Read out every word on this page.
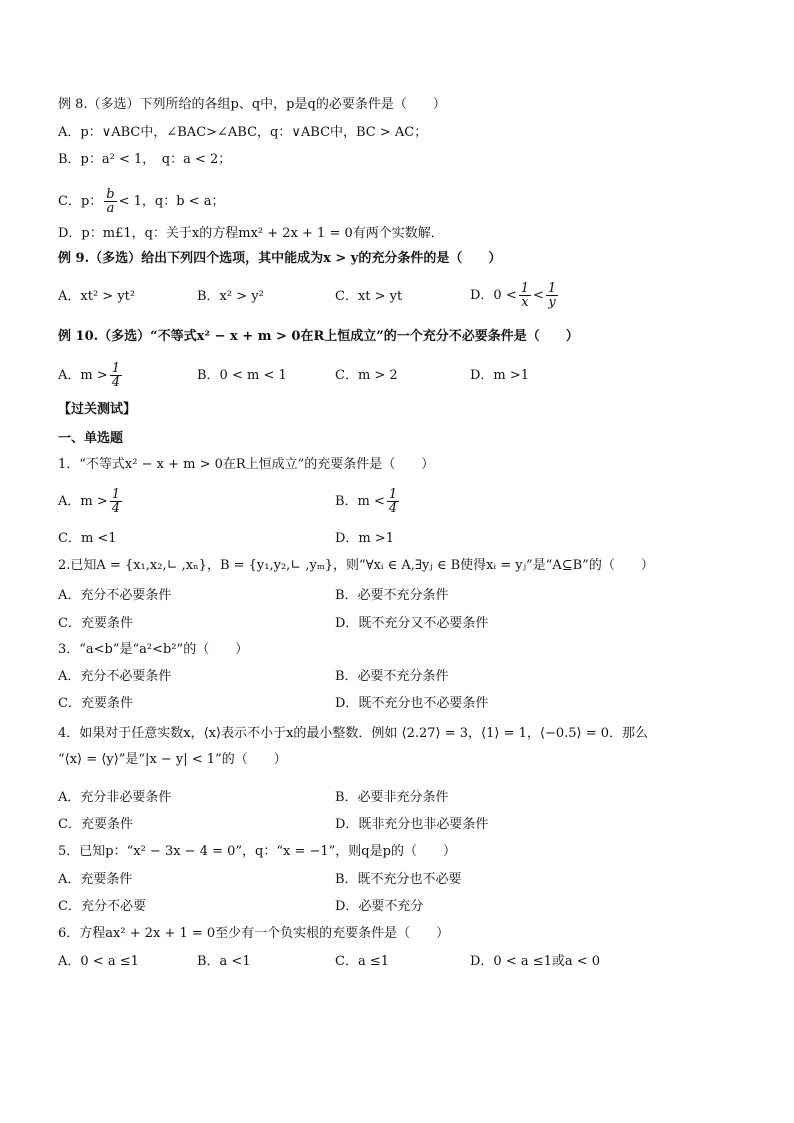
例 8.（多选）下列所给的各组p、q中，p是q的必要条件是（　　）
A．p：∨ABC中，∠BAC>∠ABC，q：∨ABC中，BC > AC；
B．p：a² < 1，　q：a < 2；
C．p： $\frac{b}{a} < 1$，q：b < a；
D．p：m£1，q：关于x的方程mx² + 2x + 1 = 0有两个实数解．
例 9.（多选）给出下列四个选项，其中能成为x > y的充分条件的是（　　）
A．xt² > yt²	B．x² > y²	C．xt > yt	D．$0 < \frac{1}{x} < \frac{1}{y}$
例 10.（多选）“不等式x² − x + m > 0在R上恒成立”的一个充分不必要条件是（　　）
A．$m > \frac{1}{4}$	B．0 < m < 1	C．m > 2	D．m >1
【过关测试】
一、单选题
1．“不等式x² − x + m > 0在R上恒成立”的充要条件是（　　）
A．$m > \frac{1}{4}$	B．$m < \frac{1}{4}$
C．m <1	D．m >1
2.已知A = {x₁,x₂,∟ ,xₙ}，B = {y₁,y₂,∟ ,yₘ}，则“∀xᵢ ∈ A,∃yⱼ ∈ B使得xᵢ = yⱼ”是“A⊆B”的（　　）
A．充分不必要条件	B．必要不充分条件
C．充要条件	D．既不充分又不必要条件
3．“a<b”是“a²<b²”的（　　）
A．充分不必要条件	B．必要不充分条件
C．充要条件	D．既不充分也不必要条件
4．如果对于任意实数x，⟨x⟩表示不小于x的最小整数．例如 ⟨2.27⟩ = 3，⟨1⟩ = 1，⟨−0.5⟩ = 0．那么
“⟨x⟩ = ⟨y⟩”是“|x − y| < 1”的（　　）
A．充分非必要条件	B．必要非充分条件
C．充要条件	D．既非充分也非必要条件
5．已知p：“x² − 3x − 4 = 0”，q：“x = −1”，则q是p的（　　）
A．充要条件	B．既不充分也不必要
C．充分不必要	D．必要不充分
6．方程ax² + 2x + 1 = 0至少有一个负实根的充要条件是（　　）
A．0 < a ≤1	B．a <1	C．a ≤1	D．0 < a ≤1或a < 0
